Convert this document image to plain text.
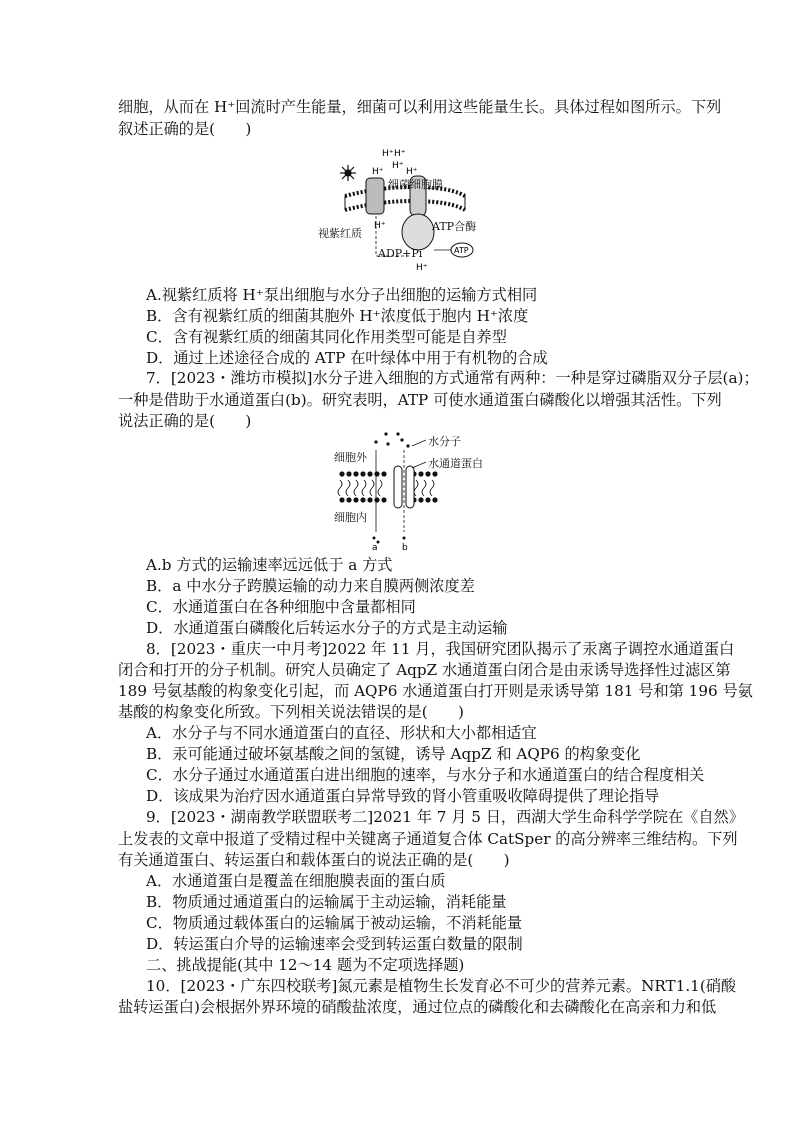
细胞，从而在 H⁺回流时产生能量，细菌可以利用这些能量生长。具体过程如图所示。下列
叙述正确的是(　　)
H⁺ H⁺
H⁺
H⁺
H⁺
H⁺
H⁺
ATP
细菌细胞膜
视紫红质
ATP合酶
ADP+Pi
A.视紫红质将 H⁺泵出细胞与水分子出细胞的运输方式相同
B．含有视紫红质的细菌其胞外 H⁺浓度低于胞内 H⁺浓度
C．含有视紫红质的细菌其同化作用类型可能是自养型
D．通过上述途径合成的 ATP 在叶绿体中用于有机物的合成
7．[2023・潍坊市模拟]水分子进入细胞的方式通常有两种：一种是穿过磷脂双分子层(a)；
一种是借助于水通道蛋白(b)。研究表明，ATP 可使水通道蛋白磷酸化以增强其活性。下列
说法正确的是(　　)
a	b
水分子
细胞外	水通道蛋白
细胞内
A.b 方式的运输速率远远低于 a 方式
B．a 中水分子跨膜运输的动力来自膜两侧浓度差
C．水通道蛋白在各种细胞中含量都相同
D．水通道蛋白磷酸化后转运水分子的方式是主动运输
8．[2023・重庆一中月考]2022 年 11 月，我国研究团队揭示了汞离子调控水通道蛋白
闭合和打开的分子机制。研究人员确定了 AqpZ 水通道蛋白闭合是由汞诱导选择性过滤区第
189 号氨基酸的构象变化引起，而 AQP6 水通道蛋白打开则是汞诱导第 181 号和第 196 号氨
基酸的构象变化所致。下列相关说法错误的是(　　)
A．水分子与不同水通道蛋白的直径、形状和大小都相适宜
B．汞可能通过破坏氨基酸之间的氢键，诱导 AqpZ 和 AQP6 的构象变化
C．水分子通过水通道蛋白进出细胞的速率，与水分子和水通道蛋白的结合程度相关
D．该成果为治疗因水通道蛋白异常导致的肾小管重吸收障碍提供了理论指导
9．[2023・湖南教学联盟联考二]2021 年 7 月 5 日，西湖大学生命科学学院在《自然》
上发表的文章中报道了受精过程中关键离子通道复合体 CatSper 的高分辨率三维结构。下列
有关通道蛋白、转运蛋白和载体蛋白的说法正确的是(　　)
A．水通道蛋白是覆盖在细胞膜表面的蛋白质
B．物质通过通道蛋白的运输属于主动运输，消耗能量
C．物质通过载体蛋白的运输属于被动运输，不消耗能量
D．转运蛋白介导的运输速率会受到转运蛋白数量的限制
二、挑战提能(其中 12～14 题为不定项选择题)
10．[2023・广东四校联考]氮元素是植物生长发育必不可少的营养元素。NRT1.1(硝酸
盐转运蛋白)会根据外界环境的硝酸盐浓度，通过位点的磷酸化和去磷酸化在高亲和力和低
